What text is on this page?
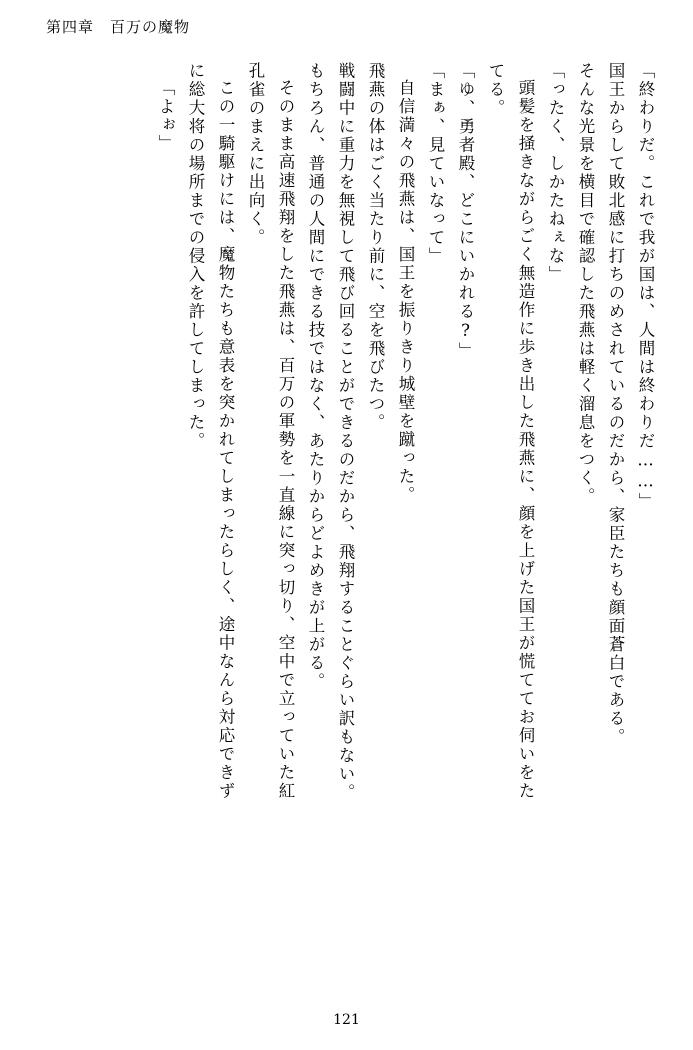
第四章 百万の魔物
「終わりだ。これで我が国は、人間は終わりだ……」
国王からして敗北感に打ちのめされているのだから、家臣たちも顔面蒼白である。
そんな光景を横目で確認した飛燕は軽く溜息をつく。
「ったく、しかたねぇな」
頭髪を掻きながらごく無造作に歩き出した飛燕に、顔を上げた国王が慌ててお伺いをた
てる。
「ゆ、勇者殿、どこにいかれる?」
「まぁ、見ていなって」
自信満々の飛燕は、国王を振りきり城壁を蹴った。
飛燕の体はごく当たり前に、空を飛びたつ。
戦闘中に重力を無視して飛び回ることができるのだから、飛翔することぐらい訳もない。
もちろん、普通の人間にできる技ではなく、あたりからどよめきが上がる。
そのまま高速飛翔をした飛燕は、百万の軍勢を一直線に突っ切り、空中で立っていた紅
孔雀のまえに出向く。
この一騎駆けには、魔物たちも意表を突かれてしまったらしく、途中なんら対応できず
に総大将の場所までの侵入を許してしまった。
「よぉ」
121
